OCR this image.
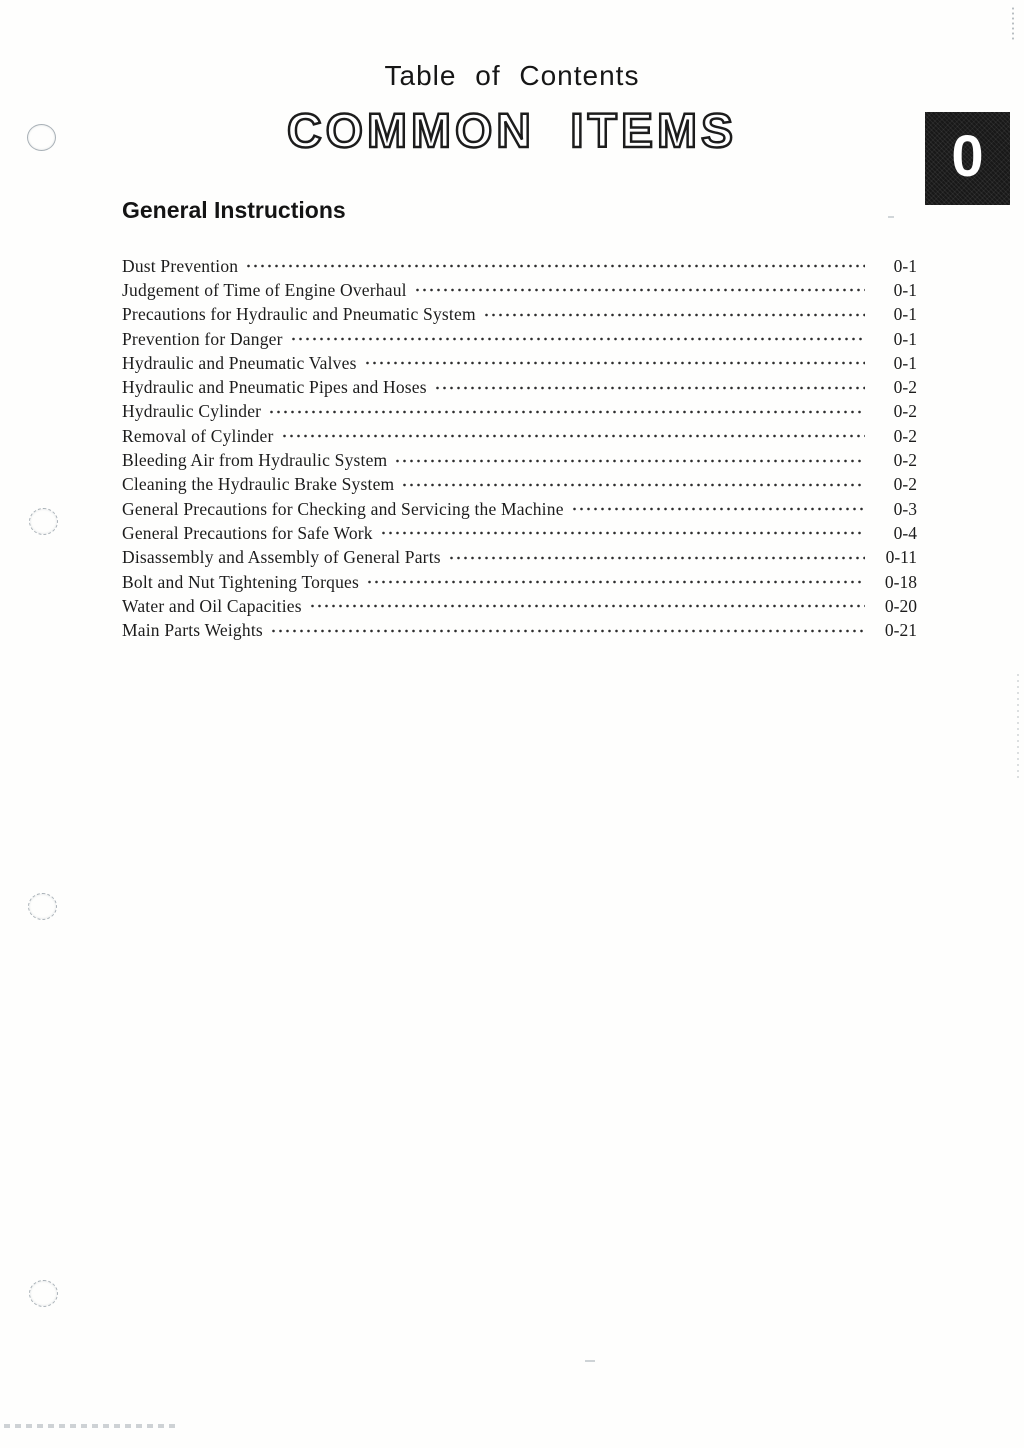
0
Table of Contents
COMMON ITEMS
General Instructions
Dust Prevention	0-1
Judgement of Time of Engine Overhaul	0-1
Precautions for Hydraulic and Pneumatic System	0-1
Prevention for Danger	0-1
Hydraulic and Pneumatic Valves	0-1
Hydraulic and Pneumatic Pipes and Hoses	0-2
Hydraulic Cylinder	0-2
Removal of Cylinder	0-2
Bleeding Air from Hydraulic System	0-2
Cleaning the Hydraulic Brake System	0-2
General Precautions for Checking and Servicing the Machine	0-3
General Precautions for Safe Work	0-4
Disassembly and Assembly of General Parts	0-11
Bolt and Nut Tightening Torques	0-18
Water and Oil Capacities	0-20
Main Parts Weights	0-21
